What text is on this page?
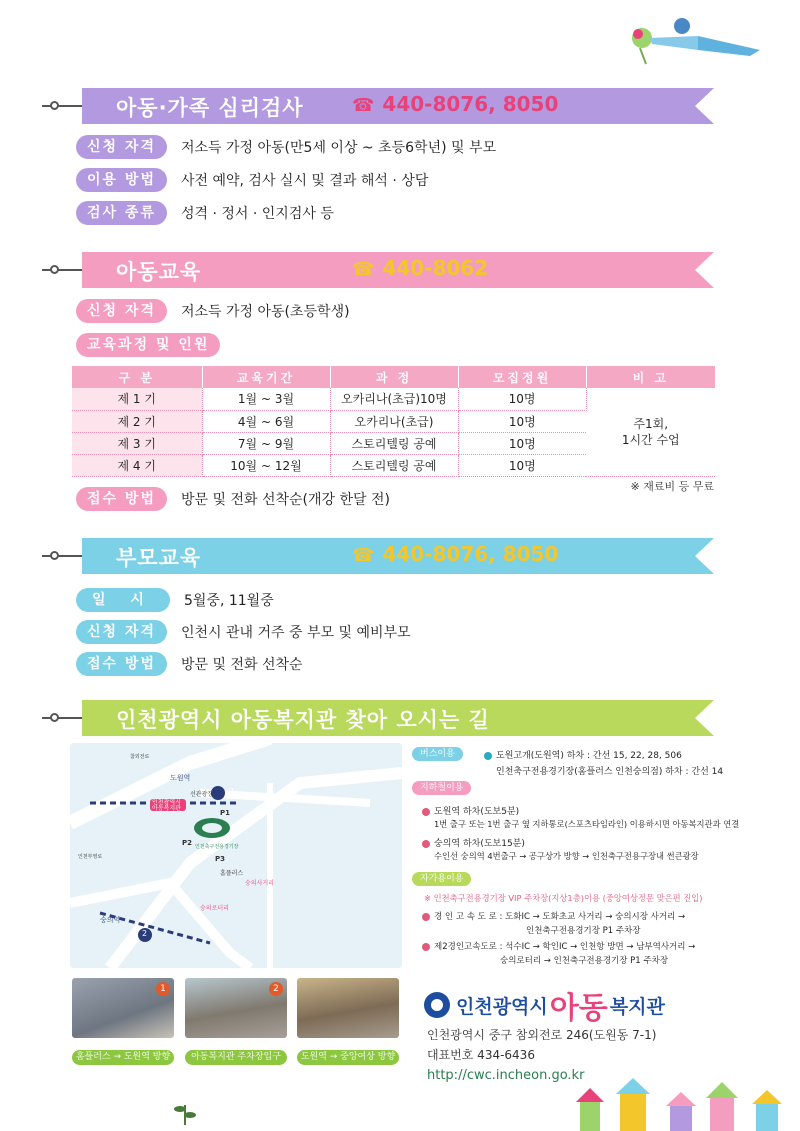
아동·가족 심리검사	☎ 440-8076, 8050
신청 자격	저소득 가정 아동(만5세 이상 ~ 초등6학년) 및 부모
이용 방법	사전 예약, 검사 실시 및 결과 해석 · 상담
검사 종류	성격 · 정서 · 인지검사 등
아동교육	☎ 440-8062
신청 자격	저소득 가정 아동(초등학생)
교육과정 및 인원
구 분	교육기간	과 정	모집정원	비 고
제 1 기	1월 ~ 3월	오카리나(초급)10명	10명	주1회,
1시간 수업
제 2 기	4월 ~ 6월	오카리나(초급)	10명	
제 3 기	7월 ~ 9월	스토리텔링 공예	10명	
제 4 기	10월 ~ 12월	스토리텔링 공예	10명	
※ 재료비 등 무료
접수 방법	방문 및 전화 선착순(개강 한달 전)
부모교육	☎ 440-8076, 8050
일 시	5월중, 11월중
신청 자격	인천시 관내 거주 중 부모 및 예비부모
접수 방법	방문 및 전화 선착순
인천광역시 아동복지관 찾아 오시는 길
인천광역시
아동복지관
선관광장
인천축구전용경기장
1
2
도원역
숭의역
숭의로터리
숭의사거리
P2
P3
P1
홈플러스
참외전로
인천부영로
1	2
홈플러스 → 도원역 방향	아동복지관 주차장입구(P1)
도원역 → 중앙여상 방향
버스이용	도원고개(도원역) 하차 : 간선 15, 22, 28, 506
인천축구전용경기장(홈플러스 인천숭의점) 하차 : 간선 14
지하철이용
도원역 하차(도보5분)
1번 출구 또는 1번 출구 옆 지하통로(스포츠타임라인) 이용하시면 아동복지관과 연결
숭의역 하차(도보15분)
수인선 숭의역 4번출구 → 공구상가 방향 → 인천축구전용구장내 썬큰광장
자가용이용
※ 인천축구전용경기장 VIP 주차장(지상1층)이용 (중앙여상정문 맞은편 진입)
경 인 고 속 도 로 : 도화IC → 도화초교 사거리 → 숭의시장 사거리 →
인천축구전용경기장 P1 주차장
제2경인고속도로 : 석수IC → 학인IC → 인천항 방면 → 남부역사거리 →
숭의로터리 → 인천축구전용경기장 P1 주차장
인천광역시 아동 복지관
인천광역시 중구 참외전로 246(도원동 7-1)
대표번호 434-6436
http://cwc.incheon.go.kr
